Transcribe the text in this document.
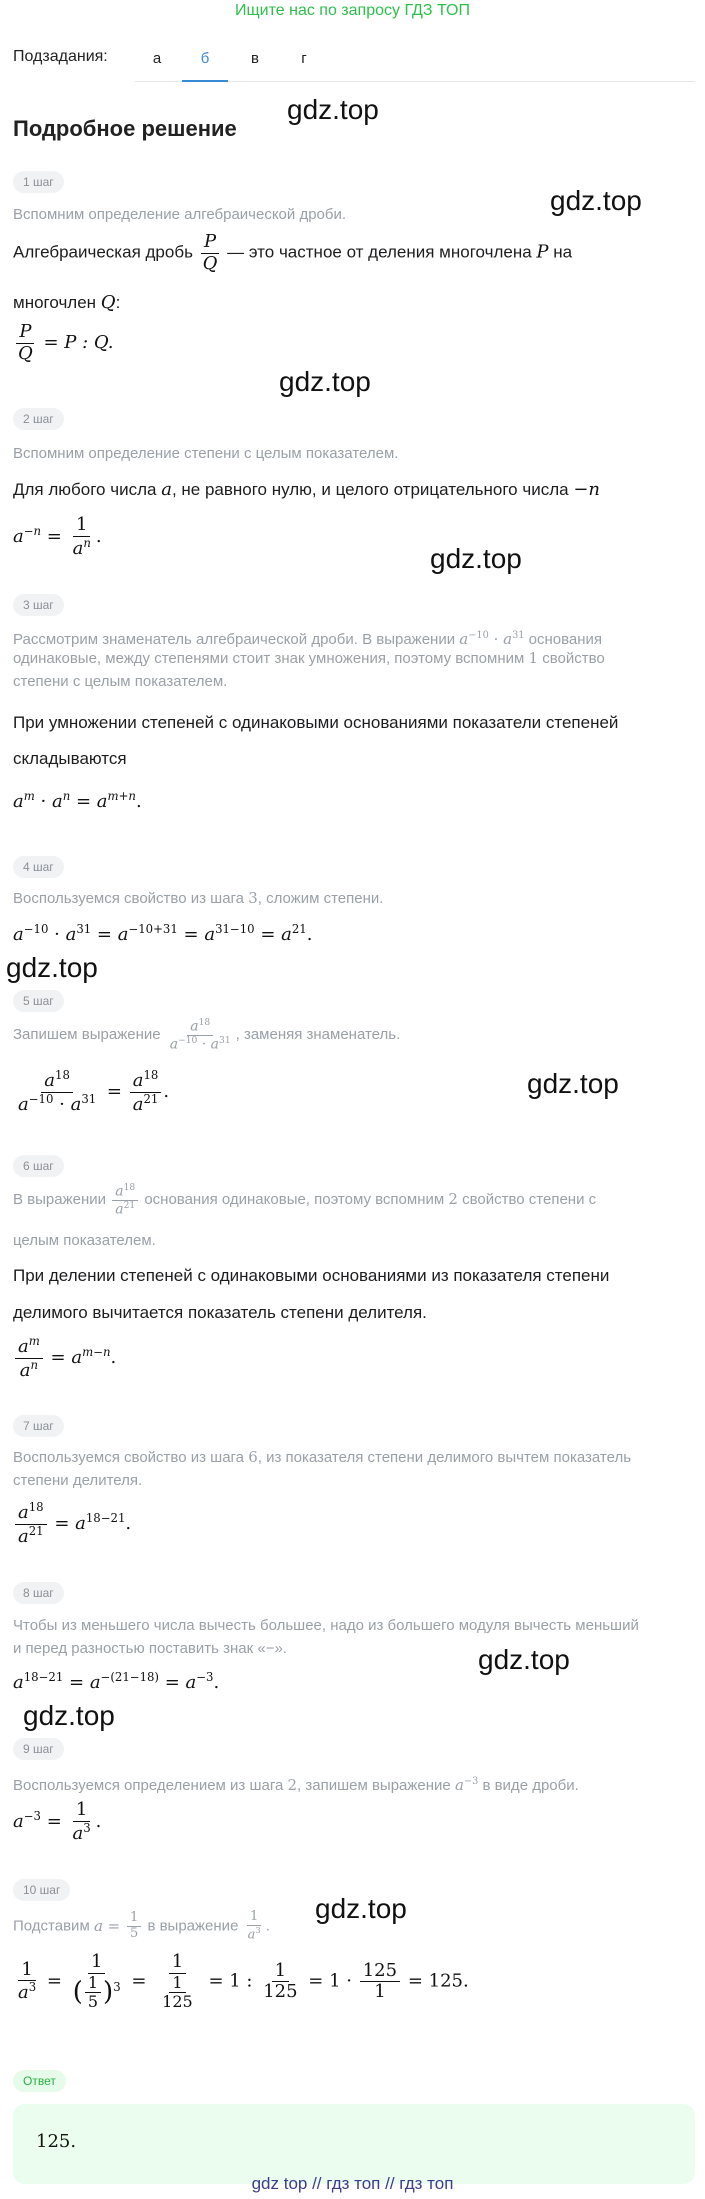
Ищите нас по запросу ГДЗ ТОП
Подзадания:	а	б	в	г
Подробное решение
gdz.top
gdz.top
gdz.top
gdz.top
gdz.top
gdz.top
gdz.top
gdz.top
gdz.top
1 шаг
Вспомним определение алгебраической дроби.
Алгебраическая дробь $\frac{P}{Q}$ — это частное от деления многочлена P на
многочлен Q:
$\frac{P}{Q} = P$ : Q.
2 шаг
Вспомним определение степени с целым показателем.
Для любого числа a, не равного нулю, и целого отрицательного числа −n
$a^{-n} = \frac{1}{a^n}$ .
3 шаг
Рассмотрим знаменатель алгебраической дроби. В выражении $a^{-10} \cdot a^{31}$ основания
одинаковые, между степенями стоит знак умножения, поэтому вспомним 1 свойство
степени с целым показателем.
При умножении степеней с одинаковыми основаниями показатели степеней
складываются
$a^m \cdot a^n = a^{m+n}$.
4 шаг
Воспользуемся свойство из шага 3, сложим степени.
$a^{-10} \cdot a^{31} = a^{-10+31} = a^{31-10} = a^{21}$.
5 шаг
Запишем выражение $\frac{a^{18}}{a^{-10} \cdot a^{31}}$ , заменяя знаменатель.
$\frac{a^{18}}{a^{-10} \cdot a^{31}} = \frac{a^{18}}{a^{21}}$ .
6 шаг
В выражении $\frac{a^{18}}{a^{21}}$ основания одинаковые, поэтому вспомним 2 свойство степени с
целым показателем.
При делении степеней с одинаковыми основаниями из показателя степени
делимого вычитается показатель степени делителя.
$\frac{a^m}{a^n} = a^{m-n}$.
7 шаг
Воспользуемся свойство из шага 6, из показателя степени делимого вычтем показатель
степени делителя.
$\frac{a^{18}}{a^{21}} = a^{18-21}$.
8 шаг
Чтобы из меньшего числа вычесть большее, надо из большего модуля вычесть меньший
и перед разностью поставить знак «−».
$a^{18-21} = a^{-(21-18)} = a^{-3}$.
9 шаг
Воспользуемся определением из шага 2, запишем выражение $a^{-3}$ в виде дроби.
$a^{-3} = \frac{1}{a^3}$ .
10 шаг
Подставим $a = \frac{1}{5}$ в выражение $\frac{1}{a^3}$ .
$\frac{1}{a^3} = \frac{1}{( \frac{1}{5} )^3} = \frac{1}{\frac{1}{125}} = 1$ : $\frac{1}{125} = 1 \cdot \frac{125}{1} = 125$.
Ответ
125.
gdz top // гдз топ // гдз топ
